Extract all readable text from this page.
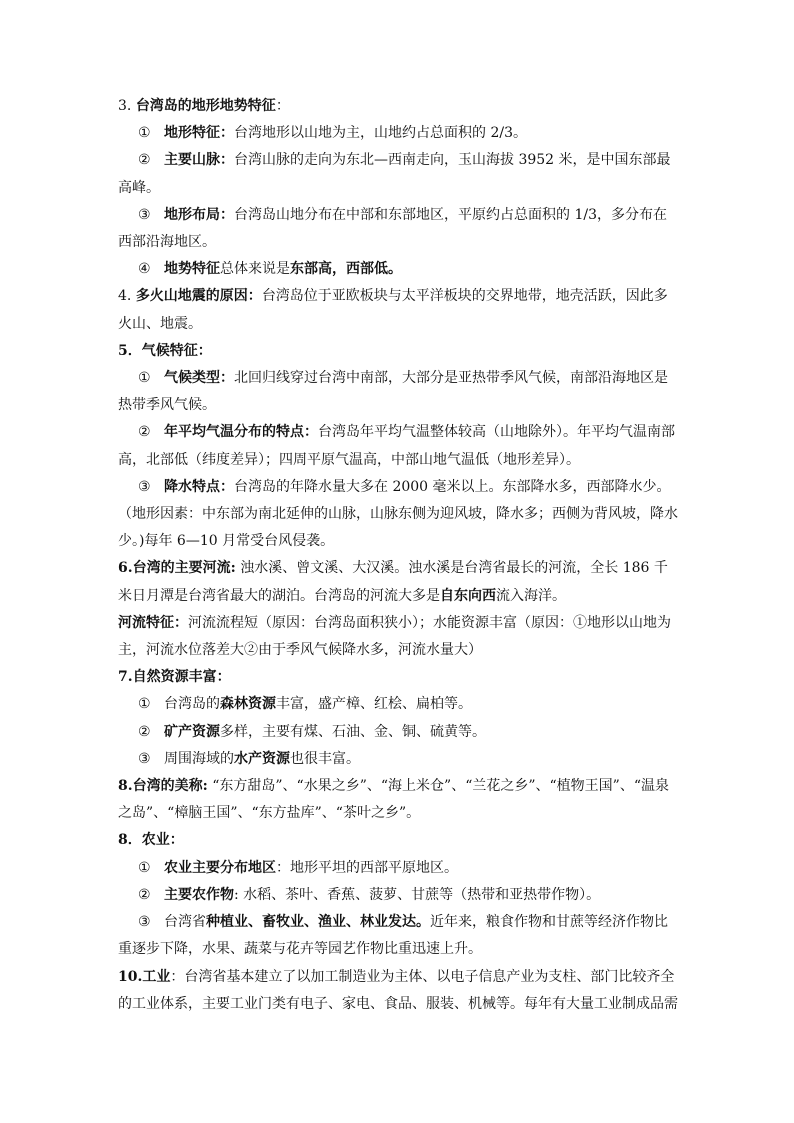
3. 台湾岛的地形地势特征：

① 地形特征：台湾地形以山地为主，山地约占总面积的 2/3。

② 主要山脉：台湾山脉的走向为东北—西南走向，玉山海拔 3952 米，是中国东部最高峰。

③ 地形布局：台湾岛山地分布在中部和东部地区，平原约占总面积的 1/3，多分布在西部沿海地区。

④ 地势特征总体来说是东部高，西部低。

4. 多火山地震的原因：台湾岛位于亚欧板块与太平洋板块的交界地带，地壳活跃，因此多火山、地震。

5．气候特征：

① 气候类型：北回归线穿过台湾中南部，大部分是亚热带季风气候，南部沿海地区是热带季风气候。

② 年平均气温分布的特点：台湾岛年平均气温整体较高（山地除外）。年平均气温南部高，北部低（纬度差异）；四周平原气温高，中部山地气温低（地形差异）。

③ 降水特点：台湾岛的年降水量大多在 2000 毫米以上。东部降水多，西部降水少。（地形因素：中东部为南北延伸的山脉，山脉东侧为迎风坡，降水多；西侧为背风坡，降水少。)每年 6—10 月常受台风侵袭。

6.台湾的主要河流: 浊水溪、曾文溪、大汉溪。浊水溪是台湾省最长的河流，全长 186 千米日月潭是台湾省最大的湖泊。台湾岛的河流大多是自东向西流入海洋。

河流特征：河流流程短（原因：台湾岛面积狭小）；水能资源丰富（原因：①地形以山地为主，河流水位落差大②由于季风气候降水多，河流水量大）

7.自然资源丰富：

① 台湾岛的森林资源丰富，盛产樟、红桧、扁柏等。

② 矿产资源多样，主要有煤、石油、金、铜、硫黄等。

③ 周围海域的水产资源也很丰富。

8.台湾的美称: “东方甜岛”、“水果之乡”、“海上米仓”、“兰花之乡”、“植物王国”、“温泉之岛”、“樟脑王国”、“东方盐库”、“茶叶之乡”。

8．农业：

① 农业主要分布地区：地形平坦的西部平原地区。

② 主要农作物: 水稻、茶叶、香蕉、菠萝、甘蔗等（热带和亚热带作物）。

③ 台湾省种植业、畜牧业、渔业、林业发达。近年来，粮食作物和甘蔗等经济作物比重逐步下降，水果、蔬菜与花卉等园艺作物比重迅速上升。

10.工业：台湾省基本建立了以加工制造业为主体、以电子信息产业为支柱、部门比较齐全的工业体系，主要工业门类有电子、家电、食品、服装、机械等。每年有大量工业制成品需
